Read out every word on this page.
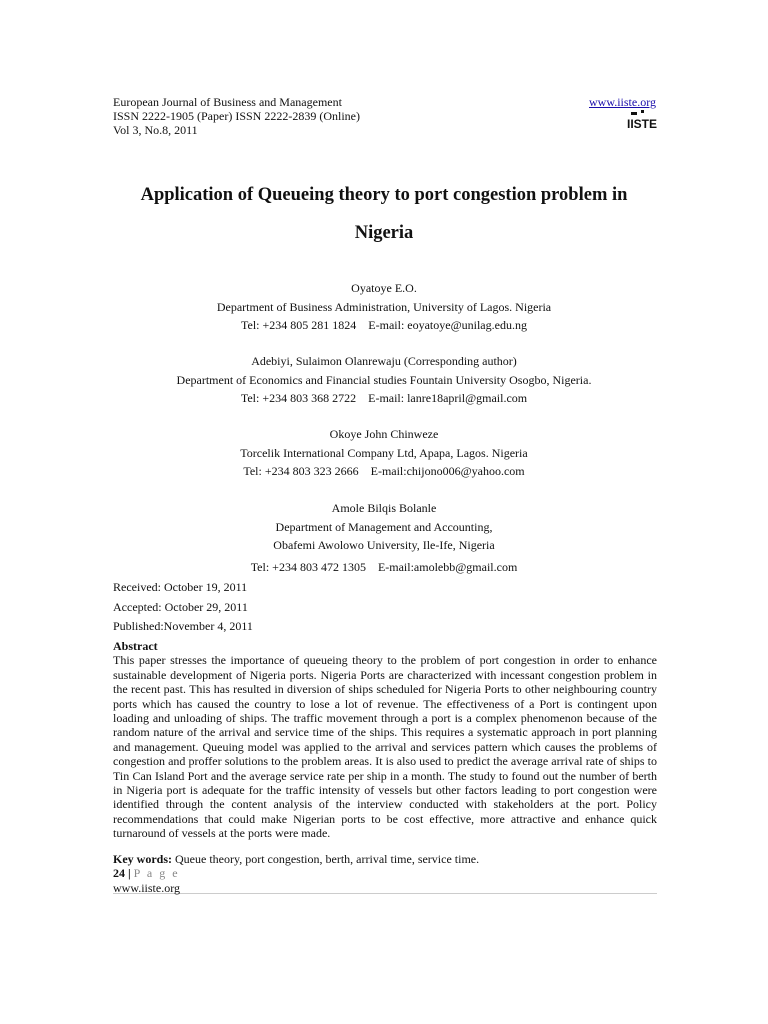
European Journal of Business and Management
ISSN 2222-1905 (Paper) ISSN 2222-2839 (Online)
Vol 3, No.8, 2011
www.iiste.org
IISTE
Application of Queueing theory to port congestion problem in
Nigeria
Oyatoye E.O.
Department of Business Administration, University of Lagos. Nigeria
Tel: +234 805 281 1824    E-mail: eoyatoye@unilag.edu.ng
Adebiyi, Sulaimon Olanrewaju (Corresponding author)
Department of Economics and Financial studies Fountain University Osogbo, Nigeria.
Tel: +234 803 368 2722    E-mail: lanre18april@gmail.com
Okoye John Chinweze
Torcelik International Company Ltd, Apapa, Lagos. Nigeria
Tel: +234 803 323 2666    E-mail:chijono006@yahoo.com
Amole Bilqis Bolanle
Department of Management and Accounting,
Obafemi Awolowo University, Ile-Ife, Nigeria
Tel: +234 803 472 1305    E-mail:amolebb@gmail.com
Received: October 19, 2011
Accepted: October 29, 2011
Published:November 4, 2011
Abstract

This paper stresses the importance of queueing theory to the problem of port congestion in order to enhance sustainable development of Nigeria ports. Nigeria Ports are characterized with incessant congestion problem in the recent past. This has resulted in diversion of ships scheduled for Nigeria Ports to other neighbouring country ports which has caused the country to lose a lot of revenue. The effectiveness of a Port is contingent upon loading and unloading of ships. The traffic movement through a port is a complex phenomenon because of the random nature of the arrival and service time of the ships. This requires a systematic approach in port planning and management. Queuing model was applied to the arrival and services pattern which causes the problems of congestion and proffer solutions to the problem areas. It is also used to predict the average arrival rate of ships to Tin Can Island Port and the average service rate per ship in a month. The study to found out the number of berth in Nigeria port is adequate for the traffic intensity of vessels but other factors leading to port congestion were identified through the content analysis of the interview conducted with stakeholders at the port. Policy recommendations that could make Nigerian ports to be cost effective, more attractive and enhance quick turnaround of vessels at the ports were made.

Key words: Queue theory, port congestion, berth, arrival time, service time.
24 | P a g e
www.iiste.org
